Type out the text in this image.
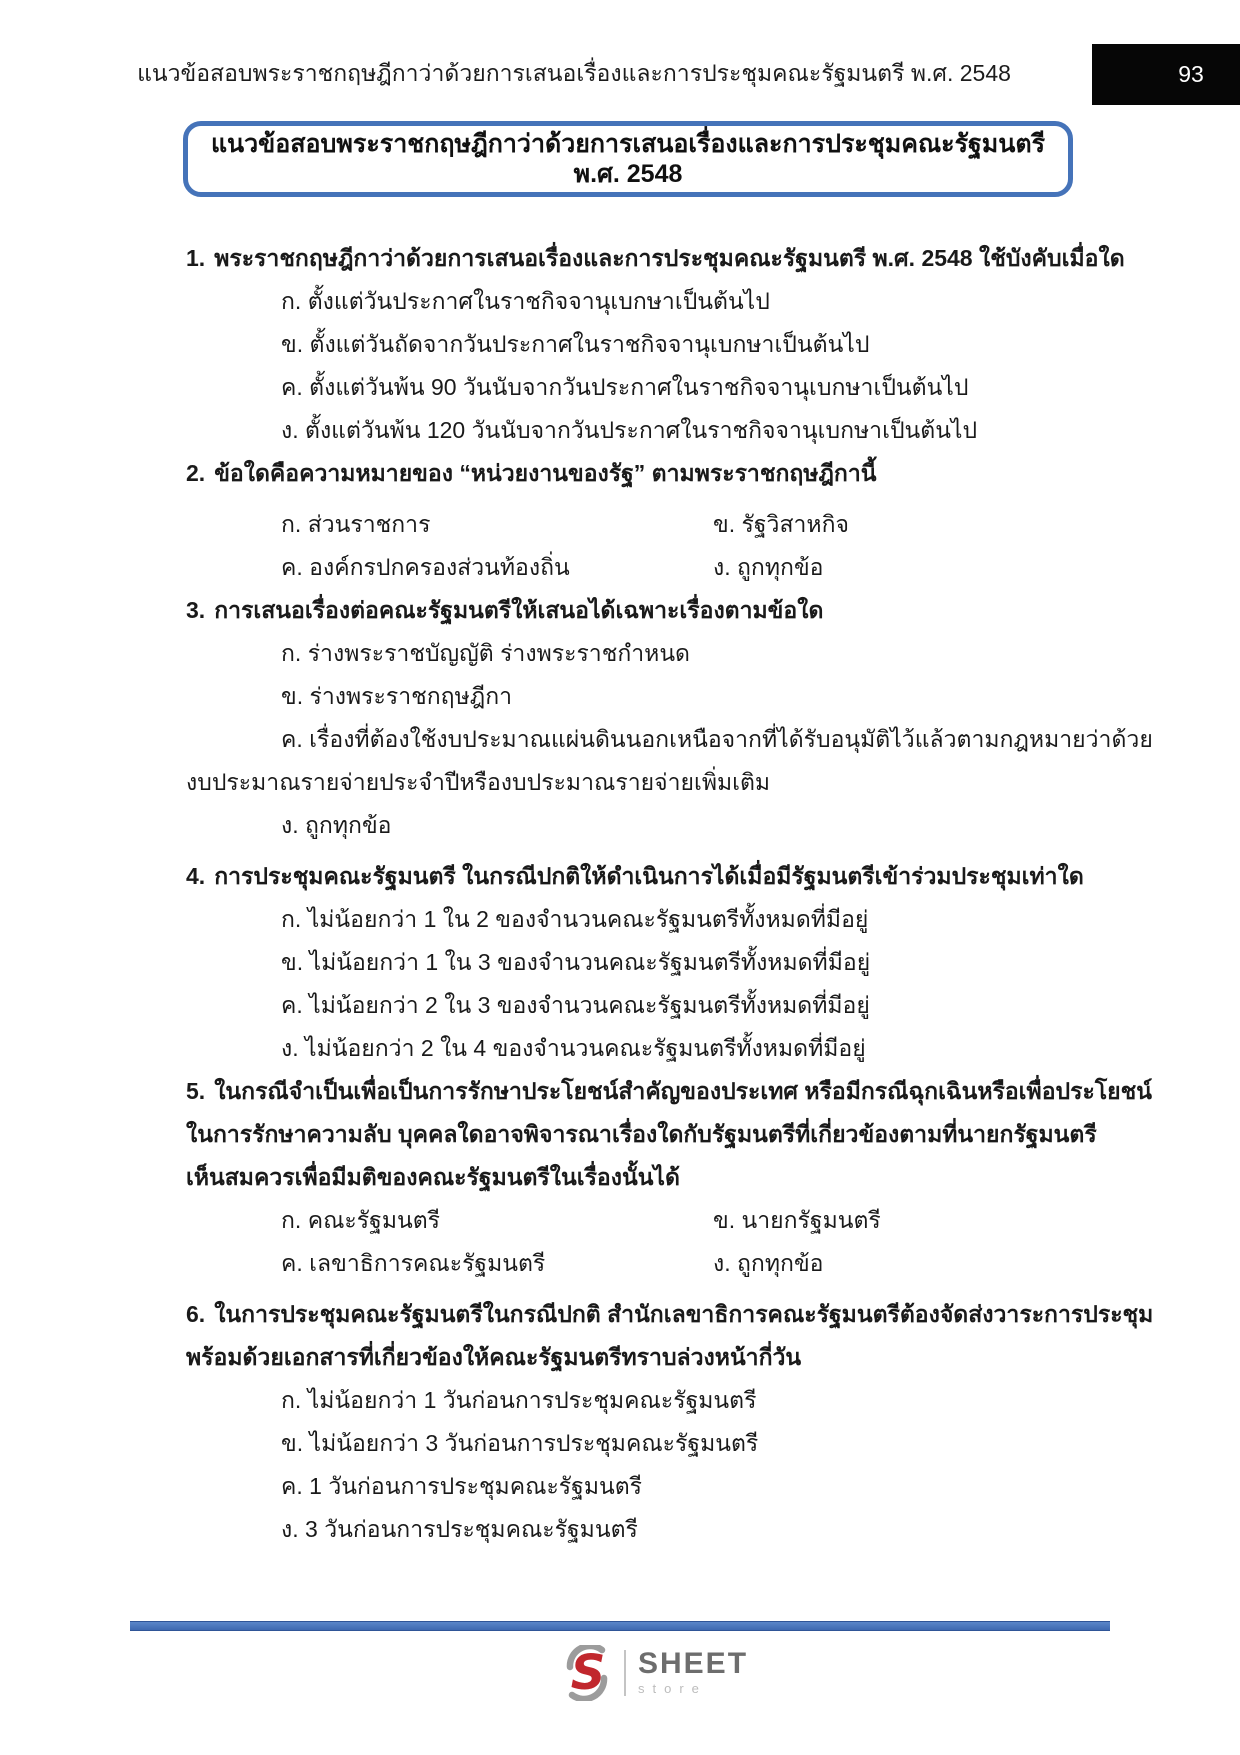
แนวข้อสอบพระราชกฤษฎีกาว่าด้วยการเสนอเรื่องและการประชุมคณะรัฐมนตรี พ.ศ. 2548	93
แนวข้อสอบพระราชกฤษฎีกาว่าด้วยการเสนอเรื่องและการประชุมคณะรัฐมนตรี พ.ศ. 2548
1. พระราชกฤษฎีกาว่าด้วยการเสนอเรื่องและการประชุมคณะรัฐมนตรี พ.ศ. 2548 ใช้บังคับเมื่อใด
ก. ตั้งแต่วันประกาศในราชกิจจานุเบกษาเป็นต้นไป
ข. ตั้งแต่วันถัดจากวันประกาศในราชกิจจานุเบกษาเป็นต้นไป
ค. ตั้งแต่วันพ้น 90 วันนับจากวันประกาศในราชกิจจานุเบกษาเป็นต้นไป
ง. ตั้งแต่วันพ้น 120 วันนับจากวันประกาศในราชกิจจานุเบกษาเป็นต้นไป
2. ข้อใดคือความหมายของ “หน่วยงานของรัฐ” ตามพระราชกฤษฎีกานี้
ก. ส่วนราชการ	ข. รัฐวิสาหกิจ
ค. องค์กรปกครองส่วนท้องถิ่น	ง. ถูกทุกข้อ
3. การเสนอเรื่องต่อคณะรัฐมนตรีให้เสนอได้เฉพาะเรื่องตามข้อใด
ก. ร่างพระราชบัญญัติ ร่างพระราชกำหนด
ข. ร่างพระราชกฤษฎีกา
ค. เรื่องที่ต้องใช้งบประมาณแผ่นดินนอกเหนือจากที่ได้รับอนุมัติไว้แล้วตามกฎหมายว่าด้วย
งบประมาณรายจ่ายประจำปีหรืองบประมาณรายจ่ายเพิ่มเติม
ง. ถูกทุกข้อ
4. การประชุมคณะรัฐมนตรี ในกรณีปกติให้ดำเนินการได้เมื่อมีรัฐมนตรีเข้าร่วมประชุมเท่าใด
ก. ไม่น้อยกว่า 1 ใน 2 ของจำนวนคณะรัฐมนตรีทั้งหมดที่มีอยู่
ข. ไม่น้อยกว่า 1 ใน 3 ของจำนวนคณะรัฐมนตรีทั้งหมดที่มีอยู่
ค. ไม่น้อยกว่า 2 ใน 3 ของจำนวนคณะรัฐมนตรีทั้งหมดที่มีอยู่
ง. ไม่น้อยกว่า 2 ใน 4 ของจำนวนคณะรัฐมนตรีทั้งหมดที่มีอยู่
5. ในกรณีจำเป็นเพื่อเป็นการรักษาประโยชน์สำคัญของประเทศ หรือมีกรณีฉุกเฉินหรือเพื่อประโยชน์
ในการรักษาความลับ บุคคลใดอาจพิจารณาเรื่องใดกับรัฐมนตรีที่เกี่ยวข้องตามที่นายกรัฐมนตรี
เห็นสมควรเพื่อมีมติของคณะรัฐมนตรีในเรื่องนั้นได้
ก. คณะรัฐมนตรี	ข. นายกรัฐมนตรี
ค. เลขาธิการคณะรัฐมนตรี	ง. ถูกทุกข้อ
6. ในการประชุมคณะรัฐมนตรีในกรณีปกติ สำนักเลขาธิการคณะรัฐมนตรีต้องจัดส่งวาระการประชุม
พร้อมด้วยเอกสารที่เกี่ยวข้องให้คณะรัฐมนตรีทราบล่วงหน้ากี่วัน
ก. ไม่น้อยกว่า 1 วันก่อนการประชุมคณะรัฐมนตรี
ข. ไม่น้อยกว่า 3 วันก่อนการประชุมคณะรัฐมนตรี
ค. 1 วันก่อนการประชุมคณะรัฐมนตรี
ง. 3 วันก่อนการประชุมคณะรัฐมนตรี
S SHEET
store
